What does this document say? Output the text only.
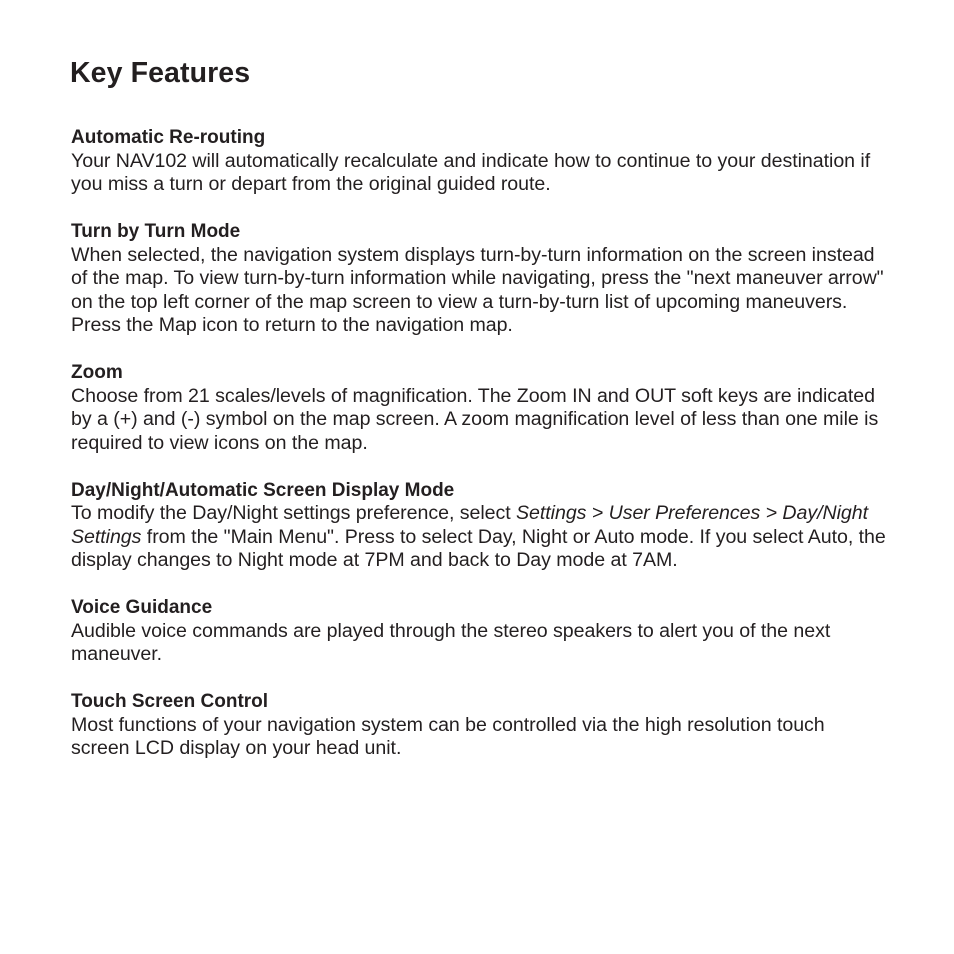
Key Features

Automatic Re-routing

Your NAV102 will automatically recalculate and indicate how to continue to your destination if you miss a turn or depart from the original guided route.

Turn by Turn Mode

When selected, the navigation system displays turn-by-turn information on the screen instead of the map. To view turn-by-turn information while navigating, press the "next maneuver arrow" on the top left corner of the map screen to view a turn-by-turn list of upcoming maneuvers. Press the Map icon to return to the navigation map.

Zoom

Choose from 21 scales/levels of magnification. The Zoom IN and OUT soft keys are indicated by a (+) and (-) symbol on the map screen. A zoom magnification level of less than one mile is required to view icons on the map.

Day/Night/Automatic Screen Display Mode

To modify the Day/Night settings preference, select Settings > User Preferences > Day/Night Settings from the "Main Menu". Press to select Day, Night or Auto mode. If you select Auto, the display changes to Night mode at 7PM and back to Day mode at 7AM.

Voice Guidance

Audible voice commands are played through the stereo speakers to alert you of the next maneuver.

Touch Screen Control

Most functions of your navigation system can be controlled via the high resolution touch screen LCD display on your head unit.
